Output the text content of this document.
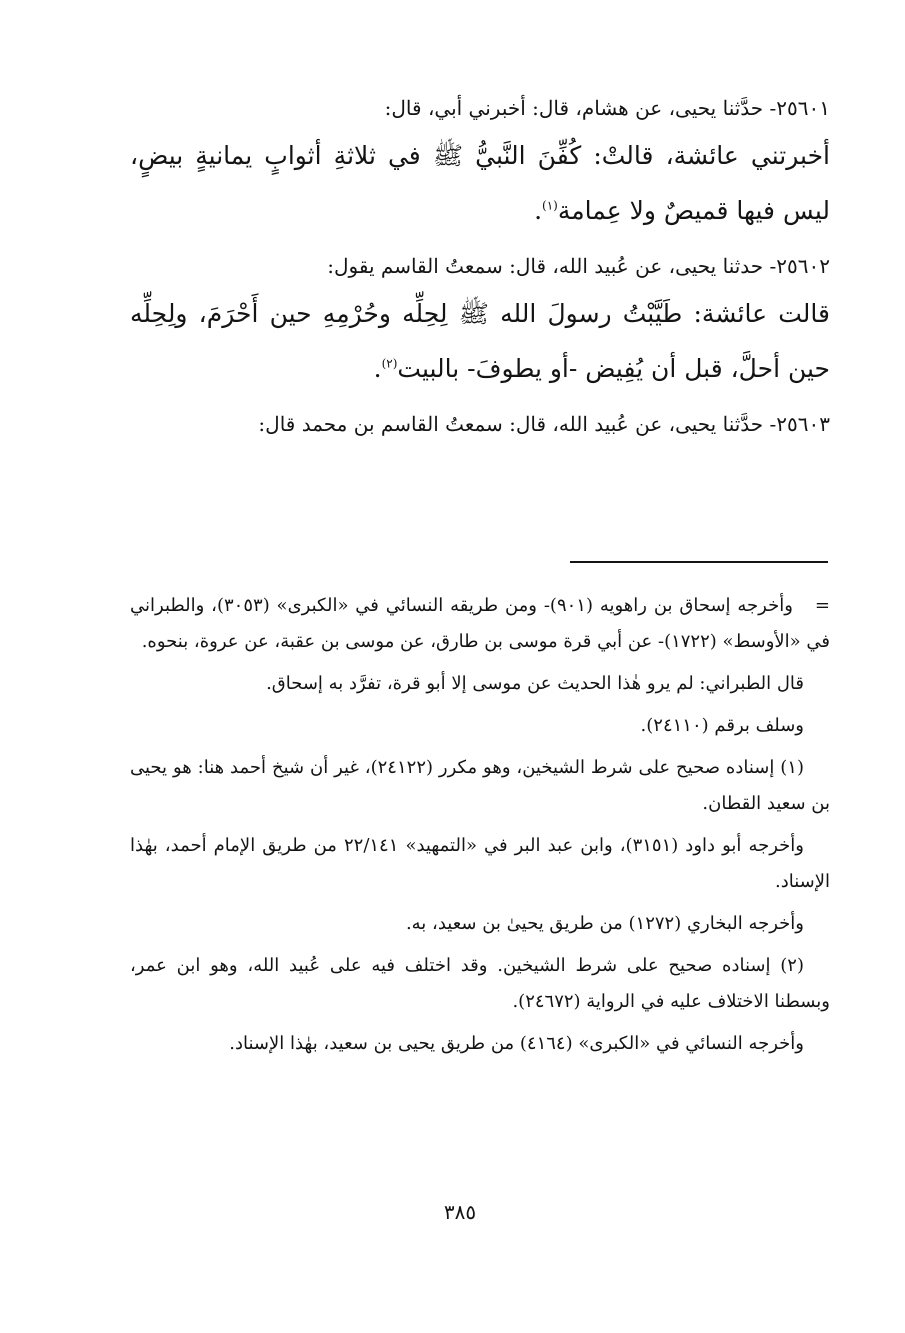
٢٥٦٠١- حدَّثنا يحيى، عن هشام، قال: أخبرني أبي، قال:
أخبرتني عائشة، قالتْ: كُفِّنَ النَّبيُّ ﷺ في ثلاثةِ أثوابٍ يمانيةٍ بيضٍ، ليس فيها قميصٌ ولا عِمامة$^{(١)}$.
٢٥٦٠٢- حدثنا يحيى، عن عُبيد الله، قال: سمعتُ القاسم يقول:
قالت عائشة: طَيَّبْتُ رسولَ الله ﷺ لِحِلِّه وحُرْمِهِ حين أَحْرَمَ، ولِحِلِّه حين أحلَّ، قبل أن يُفِيض -أو يطوفَ- بالبيت$^{(٢)}$.
٢٥٦٠٣- حدَّثنا يحيى، عن عُبيد الله، قال: سمعتُ القاسم بن محمد قال:

=وأخرجه إسحاق بن راهويه (٩٠١)- ومن طريقه النسائي في «الكبرى» (٣٠٥٣)، والطبراني في «الأوسط» (١٧٢٢)- عن أبي قرة موسى بن طارق، عن موسى بن عقبة، عن عروة، بنحوه.

قال الطبراني: لم يرو هٰذا الحديث عن موسى إلا أبو قرة، تفرَّد به إسحاق.

وسلف برقم (٢٤١١٠).

(١) إسناده صحيح على شرط الشيخين، وهو مكرر (٢٤١٢٢)، غير أن شيخ أحمد هنا: هو يحيى بن سعيد القطان.

وأخرجه أبو داود (٣١٥١)، وابن عبد البر في «التمهيد» ٢٢/١٤١ من طريق الإمام أحمد، بهٰذا الإسناد.

وأخرجه البخاري (١٢٧٢) من طريق يحيىٰ بن سعيد، به.

(٢) إسناده صحيح على شرط الشيخين. وقد اختلف فيه على عُبيد الله، وهو ابن عمر، وبسطنا الاختلاف عليه في الرواية (٢٤٦٧٢).

وأخرجه النسائي في «الكبرى» (٤١٦٤) من طريق يحيى بن سعيد، بهٰذا الإسناد.

٣٨٥
